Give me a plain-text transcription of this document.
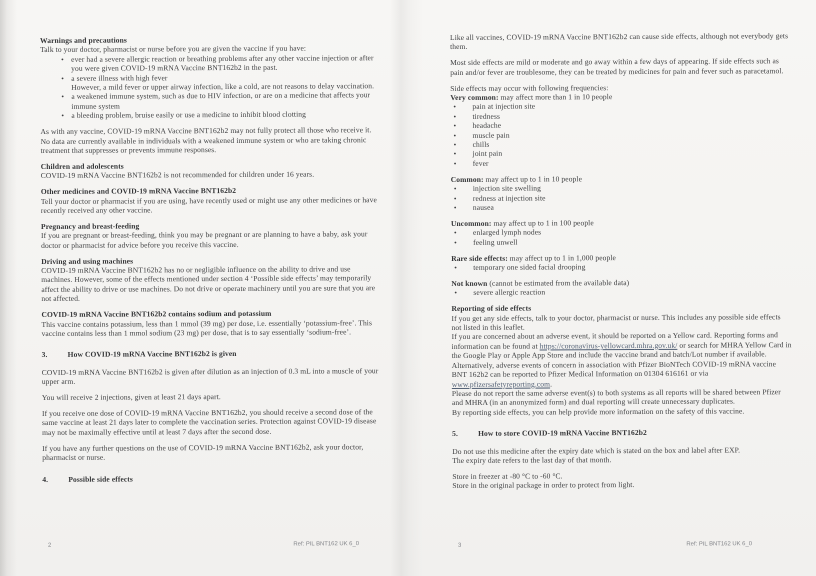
Warnings and precautions
Talk to your doctor, pharmacist or nurse before you are given the vaccine if you have:
• ever had a severe allergic reaction or breathing problems after any other vaccine injection or after you were given COVID-19 mRNA Vaccine BNT162b2 in the past.
• a severe illness with high fever
However, a mild fever or upper airway infection, like a cold, are not reasons to delay vaccination.
• a weakened immune system, such as due to HIV infection, or are on a medicine that affects your immune system
• a bleeding problem, bruise easily or use a medicine to inhibit blood clotting
As with any vaccine, COVID-19 mRNA Vaccine BNT162b2 may not fully protect all those who receive it. No data are currently available in individuals with a weakened immune system or who are taking chronic treatment that suppresses or prevents immune responses.
Children and adolescents
COVID-19 mRNA Vaccine BNT162b2 is not recommended for children under 16 years.
Other medicines and COVID-19 mRNA Vaccine BNT162b2
Tell your doctor or pharmacist if you are using, have recently used or might use any other medicines or have recently received any other vaccine.
Pregnancy and breast-feeding
If you are pregnant or breast-feeding, think you may be pregnant or are planning to have a baby, ask your doctor or pharmacist for advice before you receive this vaccine.
Driving and using machines
COVID-19 mRNA Vaccine BNT162b2 has no or negligible influence on the ability to drive and use machines. However, some of the effects mentioned under section 4 ‘Possible side effects’ may temporarily affect the ability to drive or use machines. Do not drive or operate machinery until you are sure that you are not affected.
COVID-19 mRNA Vaccine BNT162b2 contains sodium and potassium
This vaccine contains potassium, less than 1 mmol (39 mg) per dose, i.e. essentially ‘potassium-free’. This vaccine contains less than 1 mmol sodium (23 mg) per dose, that is to say essentially ‘sodium-free’.
3.	How COVID-19 mRNA Vaccine BNT162b2 is given
COVID-19 mRNA Vaccine BNT162b2 is given after dilution as an injection of 0.3 mL into a muscle of your upper arm.
You will receive 2 injections, given at least 21 days apart.
If you receive one dose of COVID-19 mRNA Vaccine BNT162b2, you should receive a second dose of the same vaccine at least 21 days later to complete the vaccination series. Protection against COVID-19 disease may not be maximally effective until at least 7 days after the second dose.
If you have any further questions on the use of COVID-19 mRNA Vaccine BNT162b2, ask your doctor, pharmacist or nurse.
4.	Possible side effects
2	Ref: PIL BNT162 UK 6_0
Like all vaccines, COVID-19 mRNA Vaccine BNT162b2 can cause side effects, although not everybody gets them.
Most side effects are mild or moderate and go away within a few days of appearing. If side effects such as pain and/or fever are troublesome, they can be treated by medicines for pain and fever such as paracetamol.
Side effects may occur with following frequencies:
Very common: may affect more than 1 in 10 people
• pain at injection site
• tiredness
• headache
• muscle pain
• chills
• joint pain
• fever
Common: may affect up to 1 in 10 people
• injection site swelling
• redness at injection site
• nausea
Uncommon: may affect up to 1 in 100 people
• enlarged lymph nodes
• feeling unwell
Rare side effects: may affect up to 1 in 1,000 people
• temporary one sided facial drooping
Not known (cannot be estimated from the available data)
• severe allergic reaction
Reporting of side effects
If you get any side effects, talk to your doctor, pharmacist or nurse. This includes any possible side effects not listed in this leaflet.
If you are concerned about an adverse event, it should be reported on a Yellow card. Reporting forms and information can be found at https://coronavirus-yellowcard.mhra.gov.uk/ or search for MHRA Yellow Card in the Google Play or Apple App Store and include the vaccine brand and batch/Lot number if available.
Alternatively, adverse events of concern in association with Pfizer BioNTech COVID-19 mRNA vaccine BNT 162b2 can be reported to Pfizer Medical Information on 01304 616161 or via www.pfizersafetyreporting.com.
Please do not report the same adverse event(s) to both systems as all reports will be shared between Pfizer and MHRA (in an anonymized form) and dual reporting will create unnecessary duplicates.
By reporting side effects, you can help provide more information on the safety of this vaccine.
5.	How to store COVID-19 mRNA Vaccine BNT162b2
Do not use this medicine after the expiry date which is stated on the box and label after EXP.
The expiry date refers to the last day of that month.
Store in freezer at -80 °C to -60 °C.
Store in the original package in order to protect from light.
3	Ref: PIL BNT162 UK 6_0
